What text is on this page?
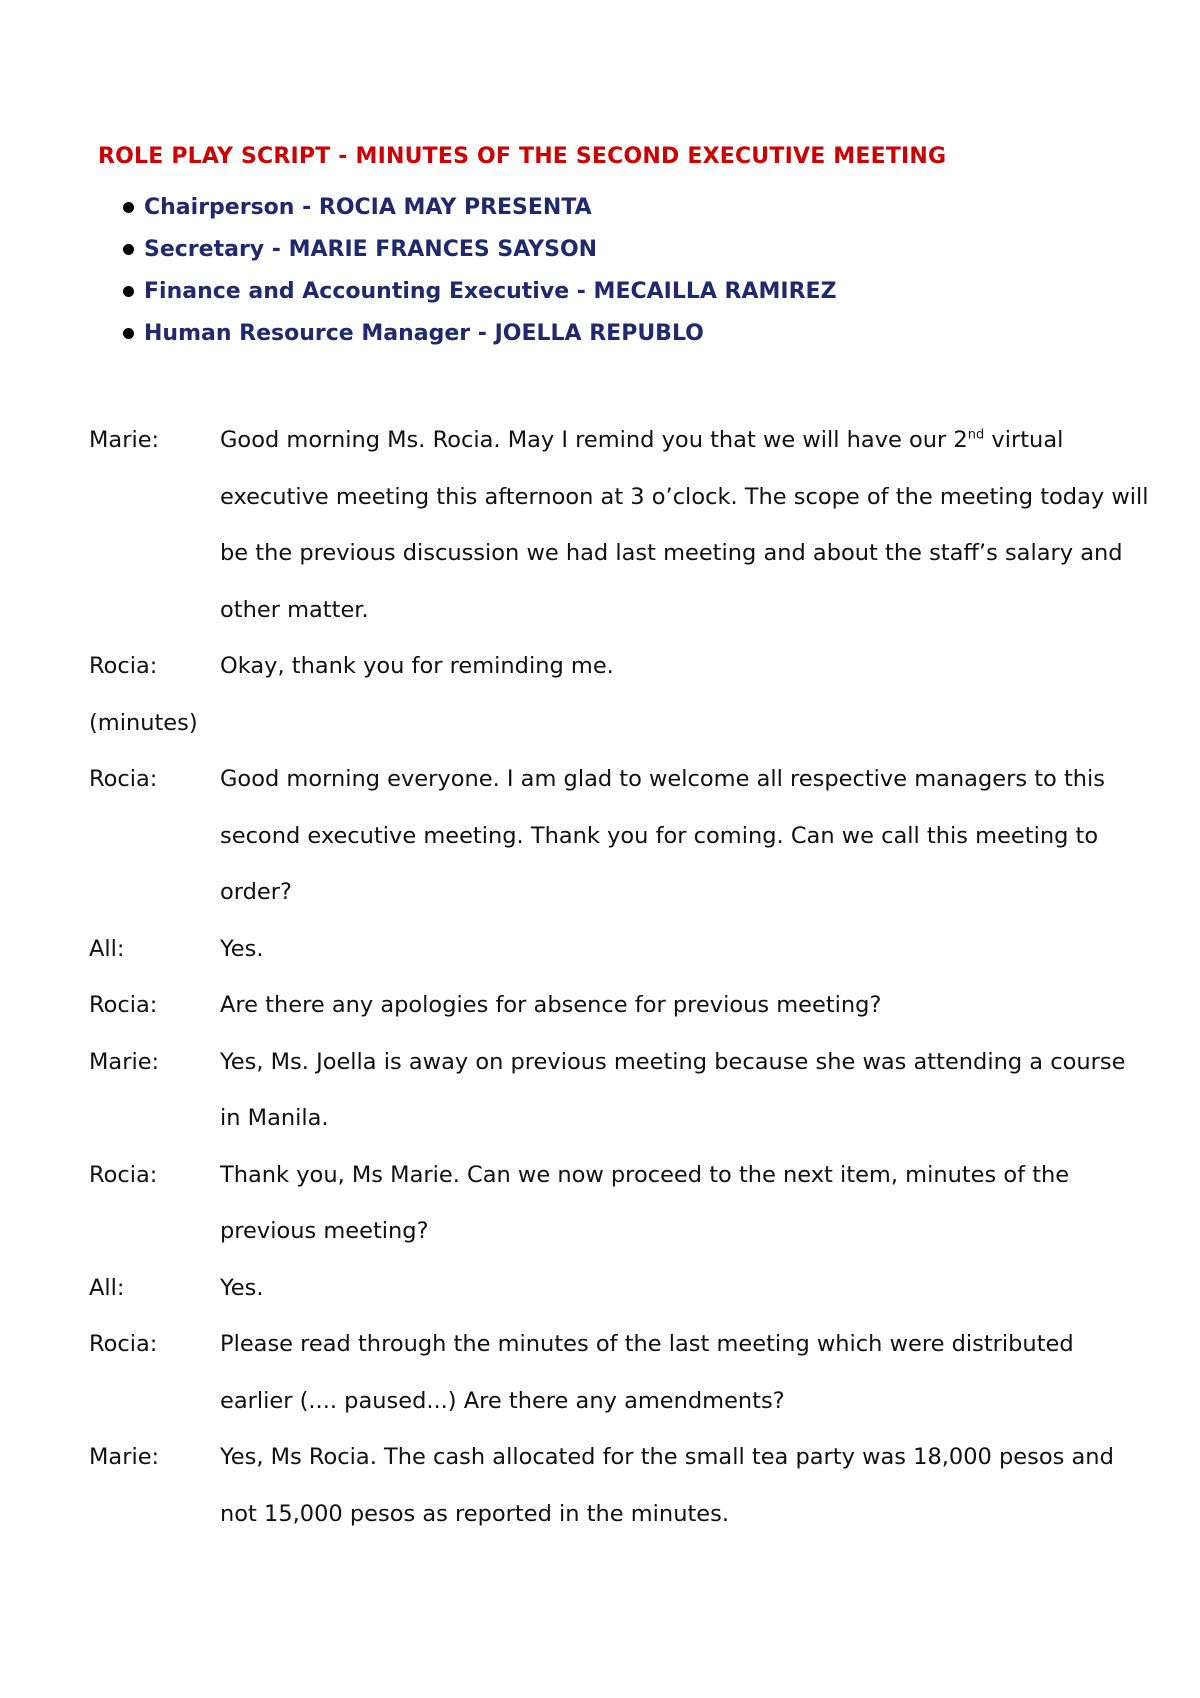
ROLE PLAY SCRIPT - MINUTES OF THE SECOND EXECUTIVE MEETING
Chairperson - ROCIA MAY PRESENTA
Secretary - MARIE FRANCES SAYSON
Finance and Accounting Executive - MECAILLA RAMIREZ
Human Resource Manager - JOELLA REPUBLO
Marie:	Good morning Ms. Rocia. May I remind you that we will have our 2nd virtual executive meeting this afternoon at 3 o’clock. The scope of the meeting today will be the previous discussion we had last meeting and about the staff’s salary and other matter.
Rocia:	Okay, thank you for reminding me.
(minutes)
Rocia:	Good morning everyone. I am glad to welcome all respective managers to this second executive meeting. Thank you for coming. Can we call this meeting to order?
All:	Yes.
Rocia:	Are there any apologies for absence for previous meeting?
Marie:	Yes, Ms. Joella is away on previous meeting because she was attending a course in Manila.
Rocia:	Thank you, Ms Marie. Can we now proceed to the next item, minutes of the previous meeting?
All:	Yes.
Rocia:	Please read through the minutes of the last meeting which were distributed earlier (.... paused...) Are there any amendments?
Marie:	Yes, Ms Rocia. The cash allocated for the small tea party was 18,000 pesos and not 15,000 pesos as reported in the minutes.
